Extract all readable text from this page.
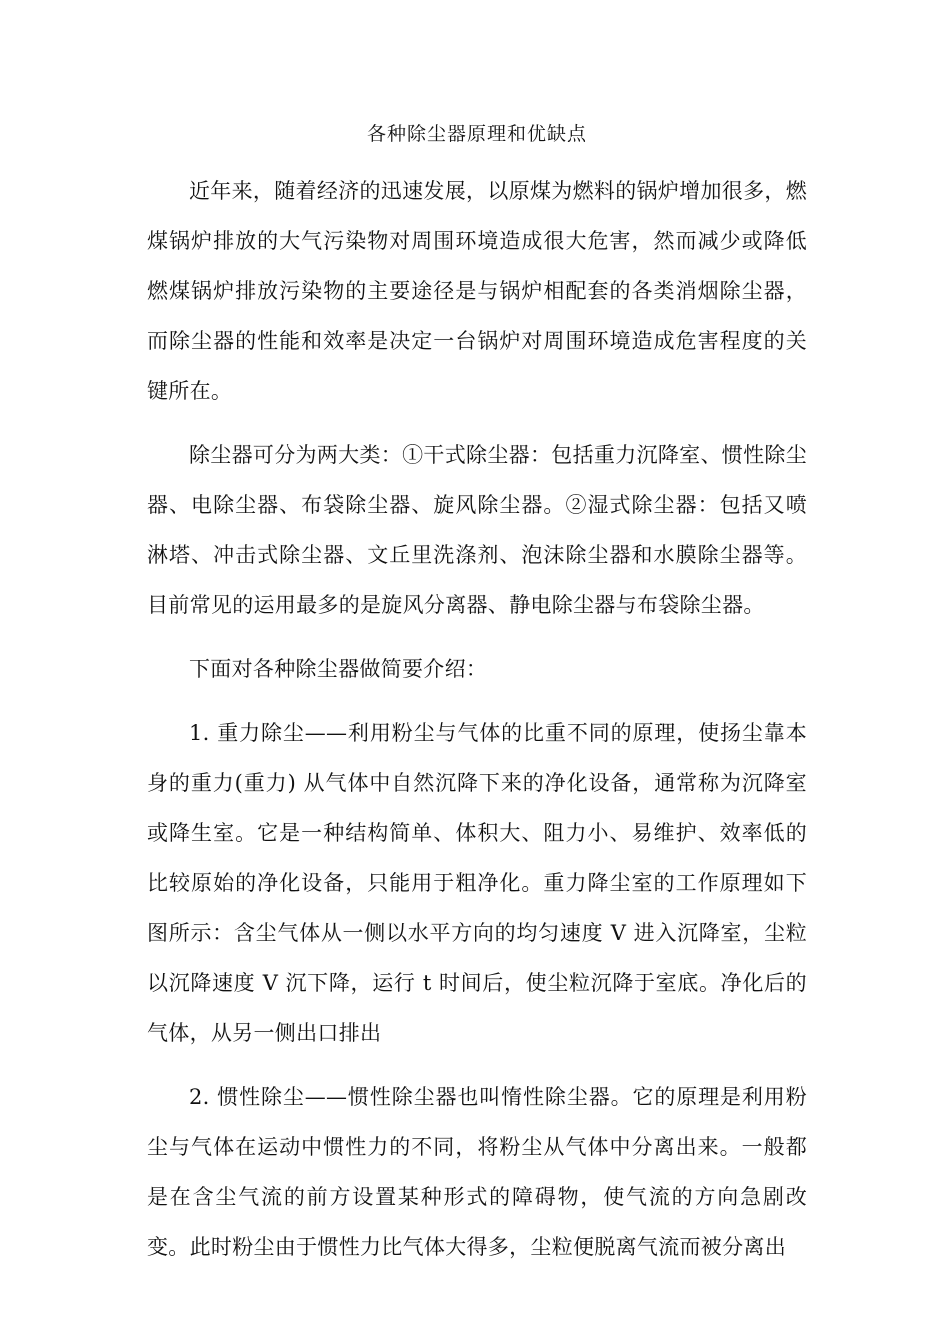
各种除尘器原理和优缺点

近年来，随着经济的迅速发展，以原煤为燃料的锅炉增加很多，燃煤锅炉排放的大气污染物对周围环境造成很大危害，然而减少或降低燃煤锅炉排放污染物的主要途径是与锅炉相配套的各类消烟除尘器，而除尘器的性能和效率是决定一台锅炉对周围环境造成危害程度的关键所在。

除尘器可分为两大类：①干式除尘器：包括重力沉降室、惯性除尘器、电除尘器、布袋除尘器、旋风除尘器。②湿式除尘器：包括又喷淋塔、冲击式除尘器、文丘里洗涤剂、泡沫除尘器和水膜除尘器等。目前常见的运用最多的是旋风分离器、静电除尘器与布袋除尘器。

下面对各种除尘器做简要介绍：

1. 重力除尘——利用粉尘与气体的比重不同的原理，使扬尘靠本身的重力(重力) 从气体中自然沉降下来的净化设备，通常称为沉降室或降生室。它是一种结构简单、体积大、阻力小、易维护、效率低的比较原始的净化设备，只能用于粗净化。重力降尘室的工作原理如下图所示：含尘气体从一侧以水平方向的均匀速度 V 进入沉降室，尘粒以沉降速度 V 沉下降，运行 t 时间后，使尘粒沉降于室底。净化后的气体，从另一侧出口排出

2. 惯性除尘——惯性除尘器也叫惰性除尘器。它的原理是利用粉尘与气体在运动中惯性力的不同，将粉尘从气体中分离出来。一般都是在含尘气流的前方设置某种形式的障碍物，使气流的方向急剧改变。此时粉尘由于惯性力比气体大得多，尘粒便脱离气流而被分离出
